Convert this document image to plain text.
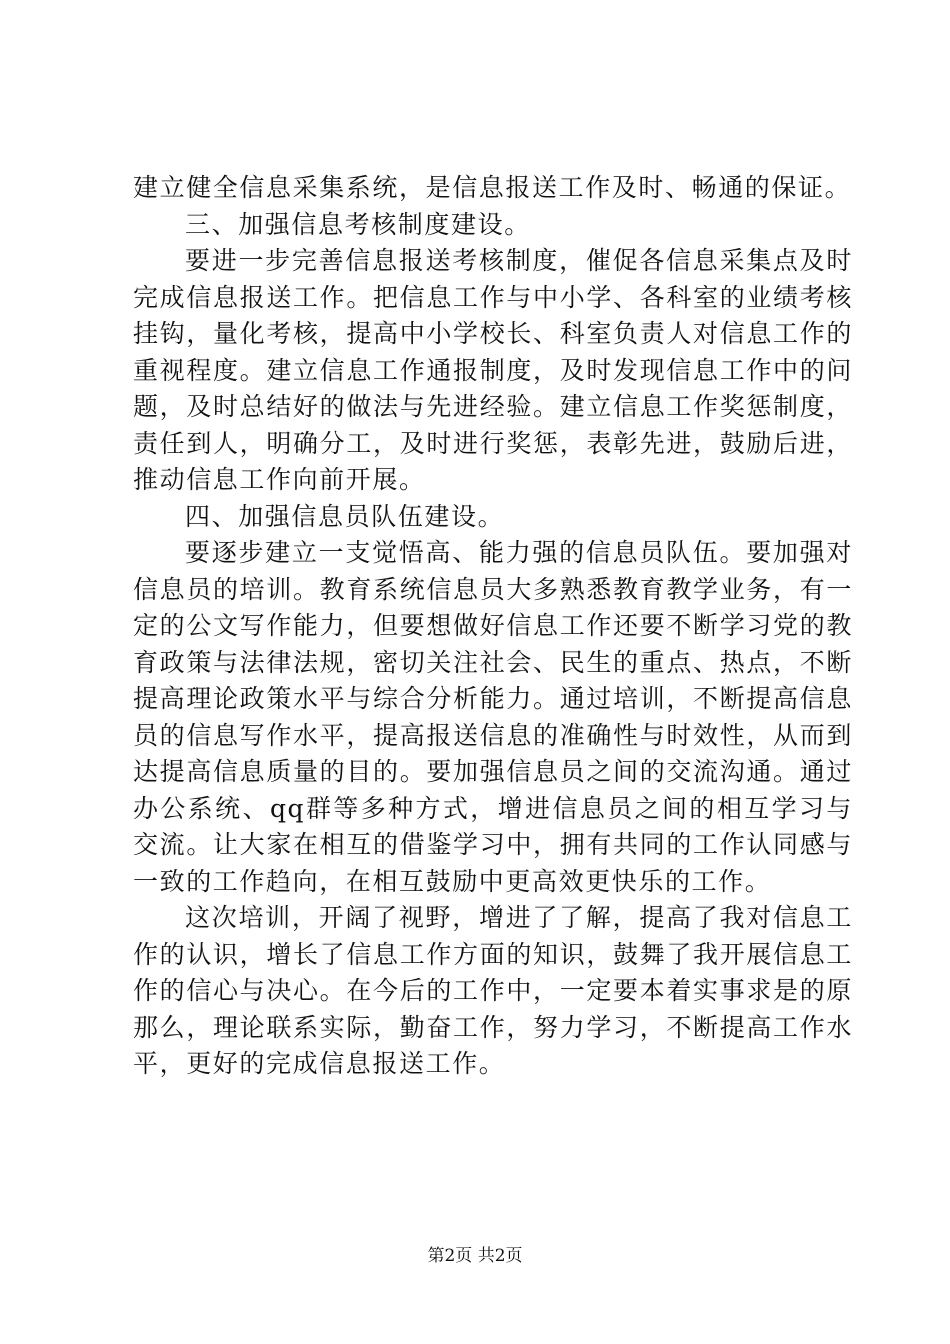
建立健全信息采集系统，是信息报送工作及时、畅通的保证。

三、加强信息考核制度建设。

要进一步完善信息报送考核制度，催促各信息采集点及时完成信息报送工作。把信息工作与中小学、各科室的业绩考核挂钩，量化考核，提高中小学校长、科室负责人对信息工作的重视程度。建立信息工作通报制度，及时发现信息工作中的问题，及时总结好的做法与先进经验。建立信息工作奖惩制度，责任到人，明确分工，及时进行奖惩，表彰先进，鼓励后进，推动信息工作向前开展。

四、加强信息员队伍建设。

要逐步建立一支觉悟高、能力强的信息员队伍。要加强对信息员的培训。教育系统信息员大多熟悉教育教学业务，有一定的公文写作能力，但要想做好信息工作还要不断学习党的教育政策与法律法规，密切关注社会、民生的重点、热点，不断提高理论政策水平与综合分析能力。通过培训，不断提高信息员的信息写作水平，提高报送信息的准确性与时效性，从而到达提高信息质量的目的。要加强信息员之间的交流沟通。通过办公系统、qq群等多种方式，增进信息员之间的相互学习与交流。让大家在相互的借鉴学习中，拥有共同的工作认同感与一致的工作趋向，在相互鼓励中更高效更快乐的工作。

这次培训，开阔了视野，增进了了解，提高了我对信息工作的认识，增长了信息工作方面的知识，鼓舞了我开展信息工作的信心与决心。在今后的工作中，一定要本着实事求是的原那么，理论联系实际，勤奋工作，努力学习，不断提高工作水平，更好的完成信息报送工作。

第2页 共2页
